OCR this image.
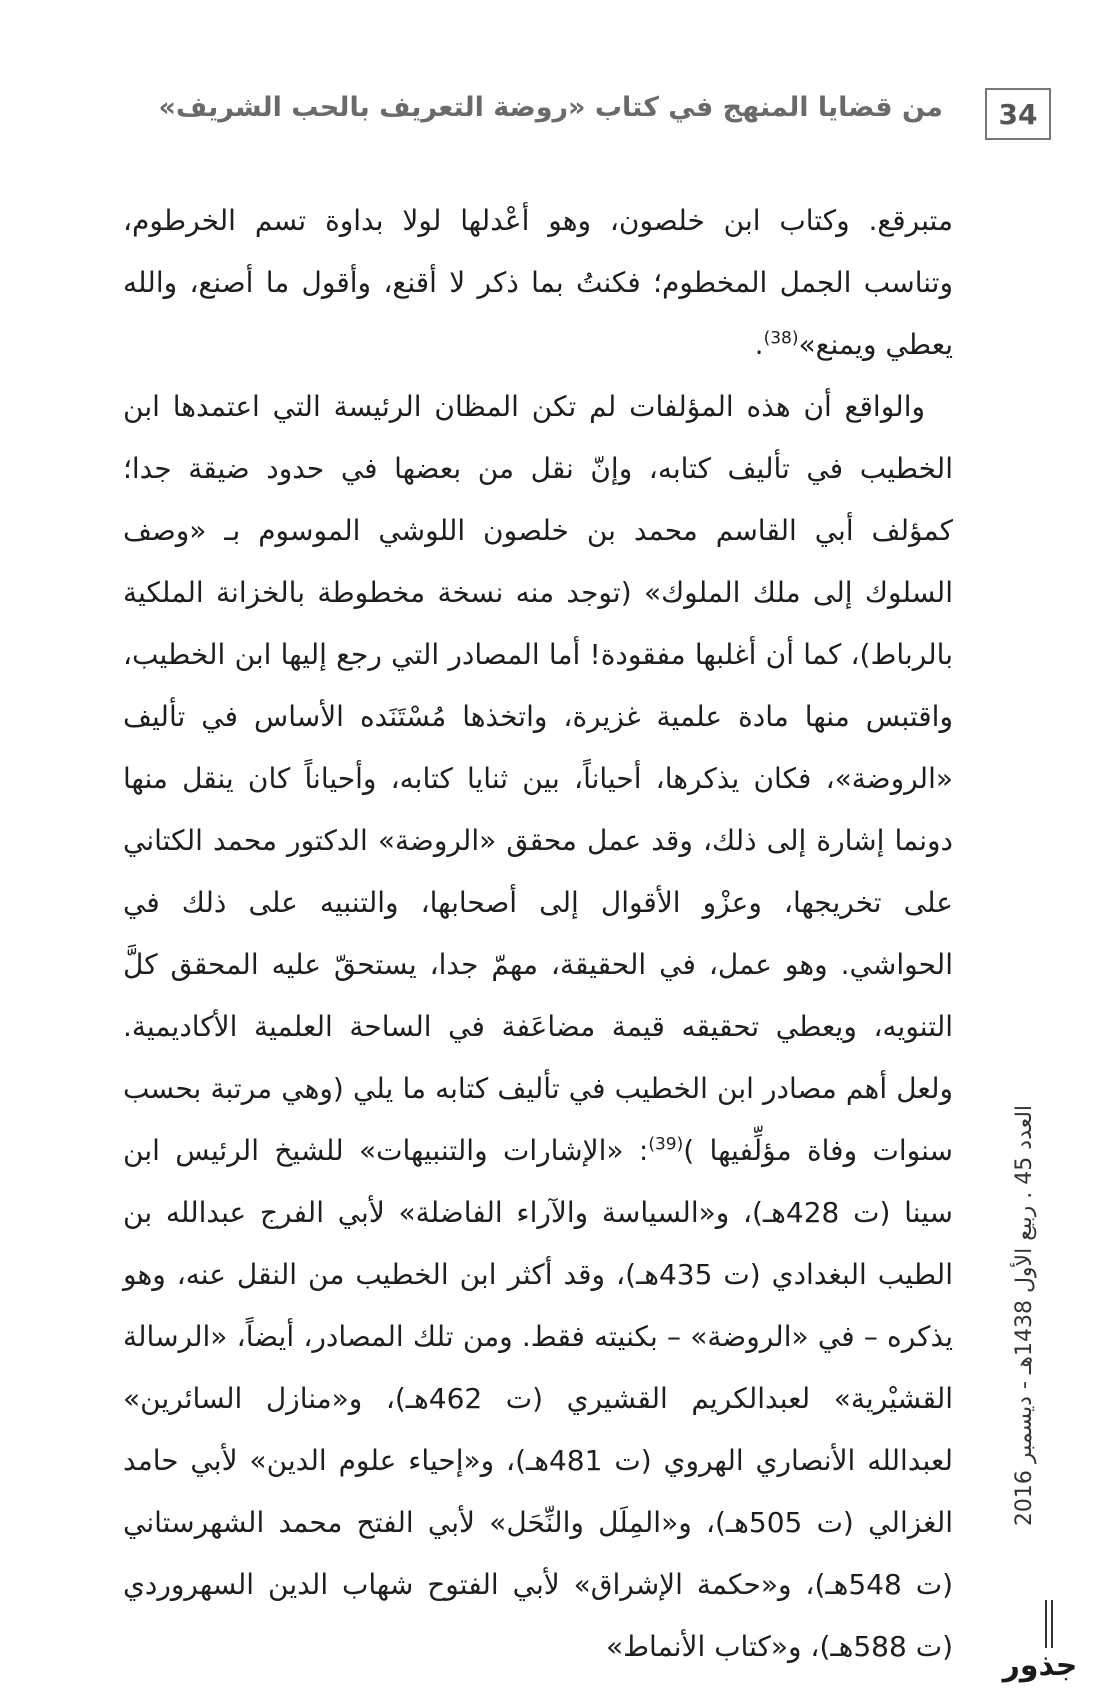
34
من قضايا المنهج في كتاب «روضة التعريف بالحب الشريف»

متبرقع. وكتاب ابن خلصون، وهو أعْدلها لولا بداوة تسم الخرطوم، وتناسب الجمل المخطوم؛ فكنتُ بما ذكر لا أقنع، وأقول ما أصنع، والله يعطي ويمنع»$^{(38)}$.

والواقع أن هذه المؤلفات لم تكن المظان الرئيسة التي اعتمدها ابن الخطيب في تأليف كتابه، وإنّ نقل من بعضها في حدود ضيقة جدا؛ كمؤلف أبي القاسم محمد بن خلصون اللوشي الموسوم بـ «وصف السلوك إلى ملك الملوك» (توجد منه نسخة مخطوطة بالخزانة الملكية بالرباط)، كما أن أغلبها مفقودة! أما المصادر التي رجع إليها ابن الخطيب، واقتبس منها مادة علمية غزيرة، واتخذها مُسْتَنَده الأساس في تأليف «الروضة»، فكان يذكرها، أحياناً، بين ثنايا كتابه، وأحياناً كان ينقل منها دونما إشارة إلى ذلك، وقد عمل محقق «الروضة» الدكتور محمد الكتاني على تخريجها، وعزْو الأقوال إلى أصحابها، والتنبيه على ذلك في الحواشي. وهو عمل، في الحقيقة، مهمّ جدا، يستحقّ عليه المحقق كلَّ التنويه، ويعطي تحقيقه قيمة مضاعَفة في الساحة العلمية الأكاديمية. ولعل أهم مصادر ابن الخطيب في تأليف كتابه ما يلي (وهي مرتبة بحسب سنوات وفاة مؤلِّفيها )$^{(39)}$: «الإشارات والتنبيهات» للشيخ الرئيس ابن سينا (ت 428هـ)، و«السياسة والآراء الفاضلة» لأبي الفرج عبدالله بن الطيب البغدادي (ت 435هـ)، وقد أكثر ابن الخطيب من النقل عنه، وهو يذكره – في «الروضة» – بكنيته فقط. ومن تلك المصادر، أيضاً، «الرسالة القشيْرية» لعبدالكريم القشيري (ت 462هـ)، و«منازل السائرين» لعبدالله الأنصاري الهروي (ت 481هـ)، و«إحياء علوم الدين» لأبي حامد الغزالي (ت 505هـ)، و«المِلَل والنِّحَل» لأبي الفتح محمد الشهرستاني (ت 548هـ)، و«حكمة الإشراق» لأبي الفتوح شهاب الدين السهروردي (ت 588هـ)، و«كتاب الأنماط»

العدد 45 . ربيع الأول 1438هـ - ديسمبر 2016
جذور
